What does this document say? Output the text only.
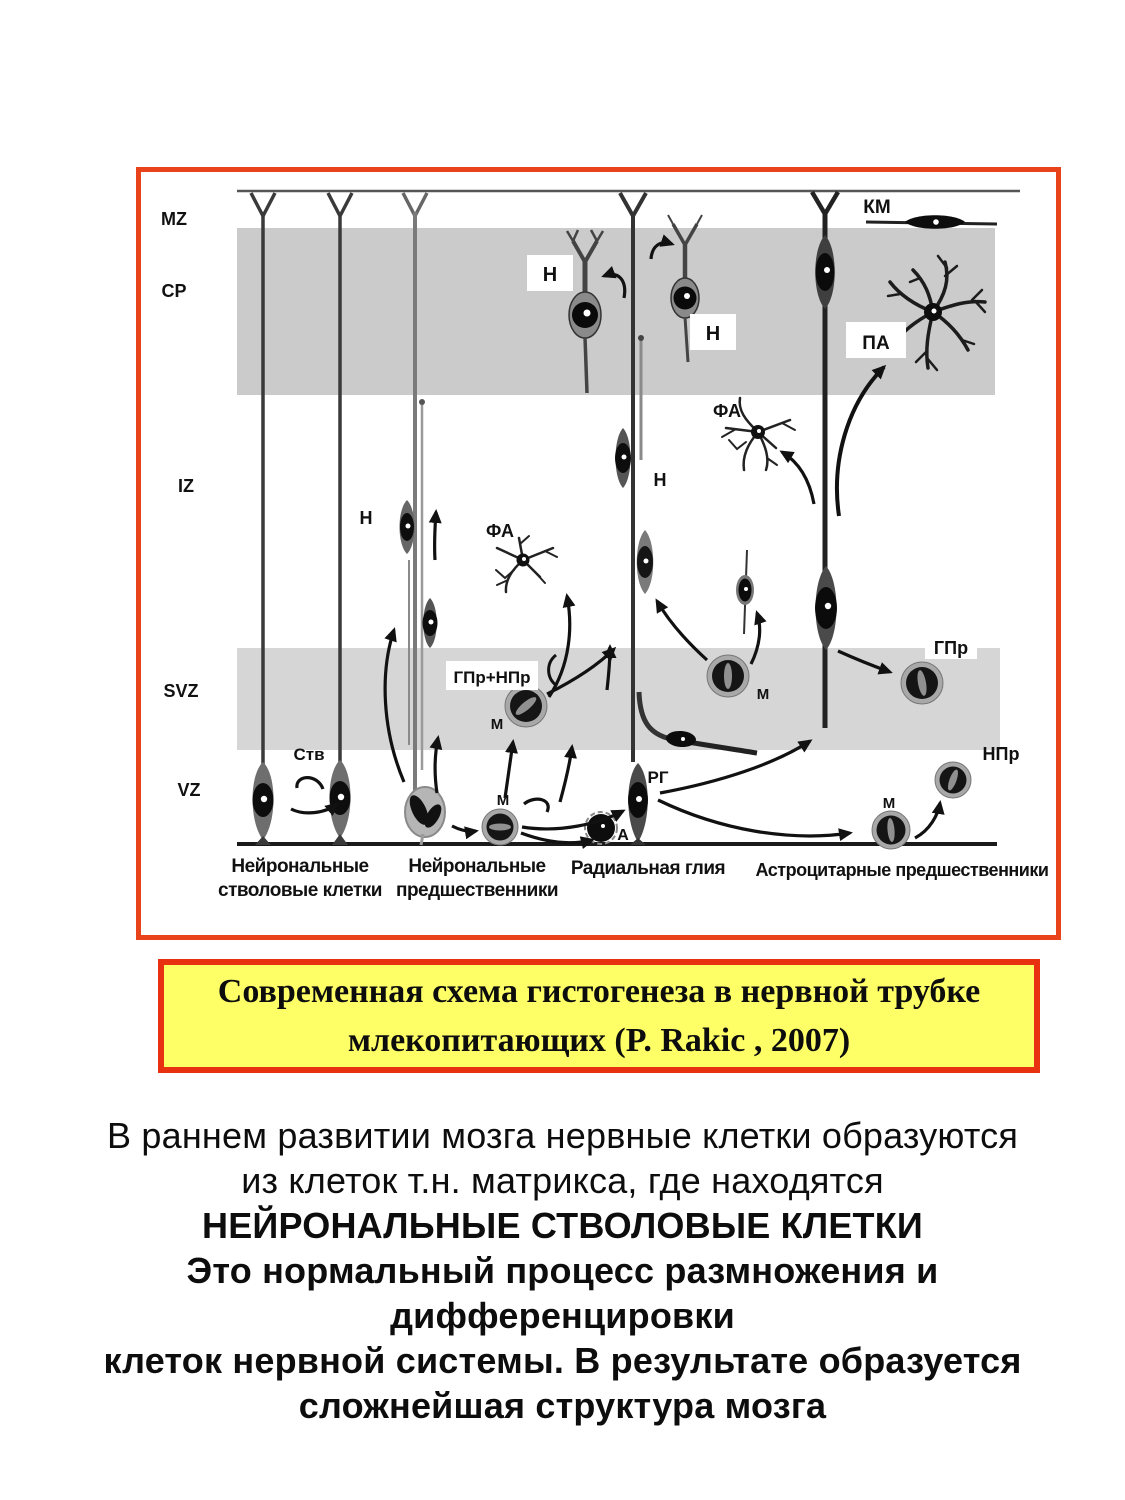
MZ
CP
IZ
SVZ
VZ
КМ
Н
Н	ПА
ФА
ФА
Н
Н
ГПр+НПр
ГПр
НПр
Ств
РГ
М
М
М	М
А
Нейрональные
стволовые клетки
Нейрональные
предшественники
Радиальная глия Астроцитарные предшественники
Современная схема гистогенеза в нервной трубке
млекопитающих (P. Rakic , 2007)
В раннем развитии мозга нервные клетки образуются
из клеток т.н. матрикса, где находятся
НЕЙРОНАЛЬНЫЕ СТВОЛОВЫЕ КЛЕТКИ
Это нормальный процесс размножения и
дифференцировки
клеток нервной системы. В результате образуется
сложнейшая структура мозга
